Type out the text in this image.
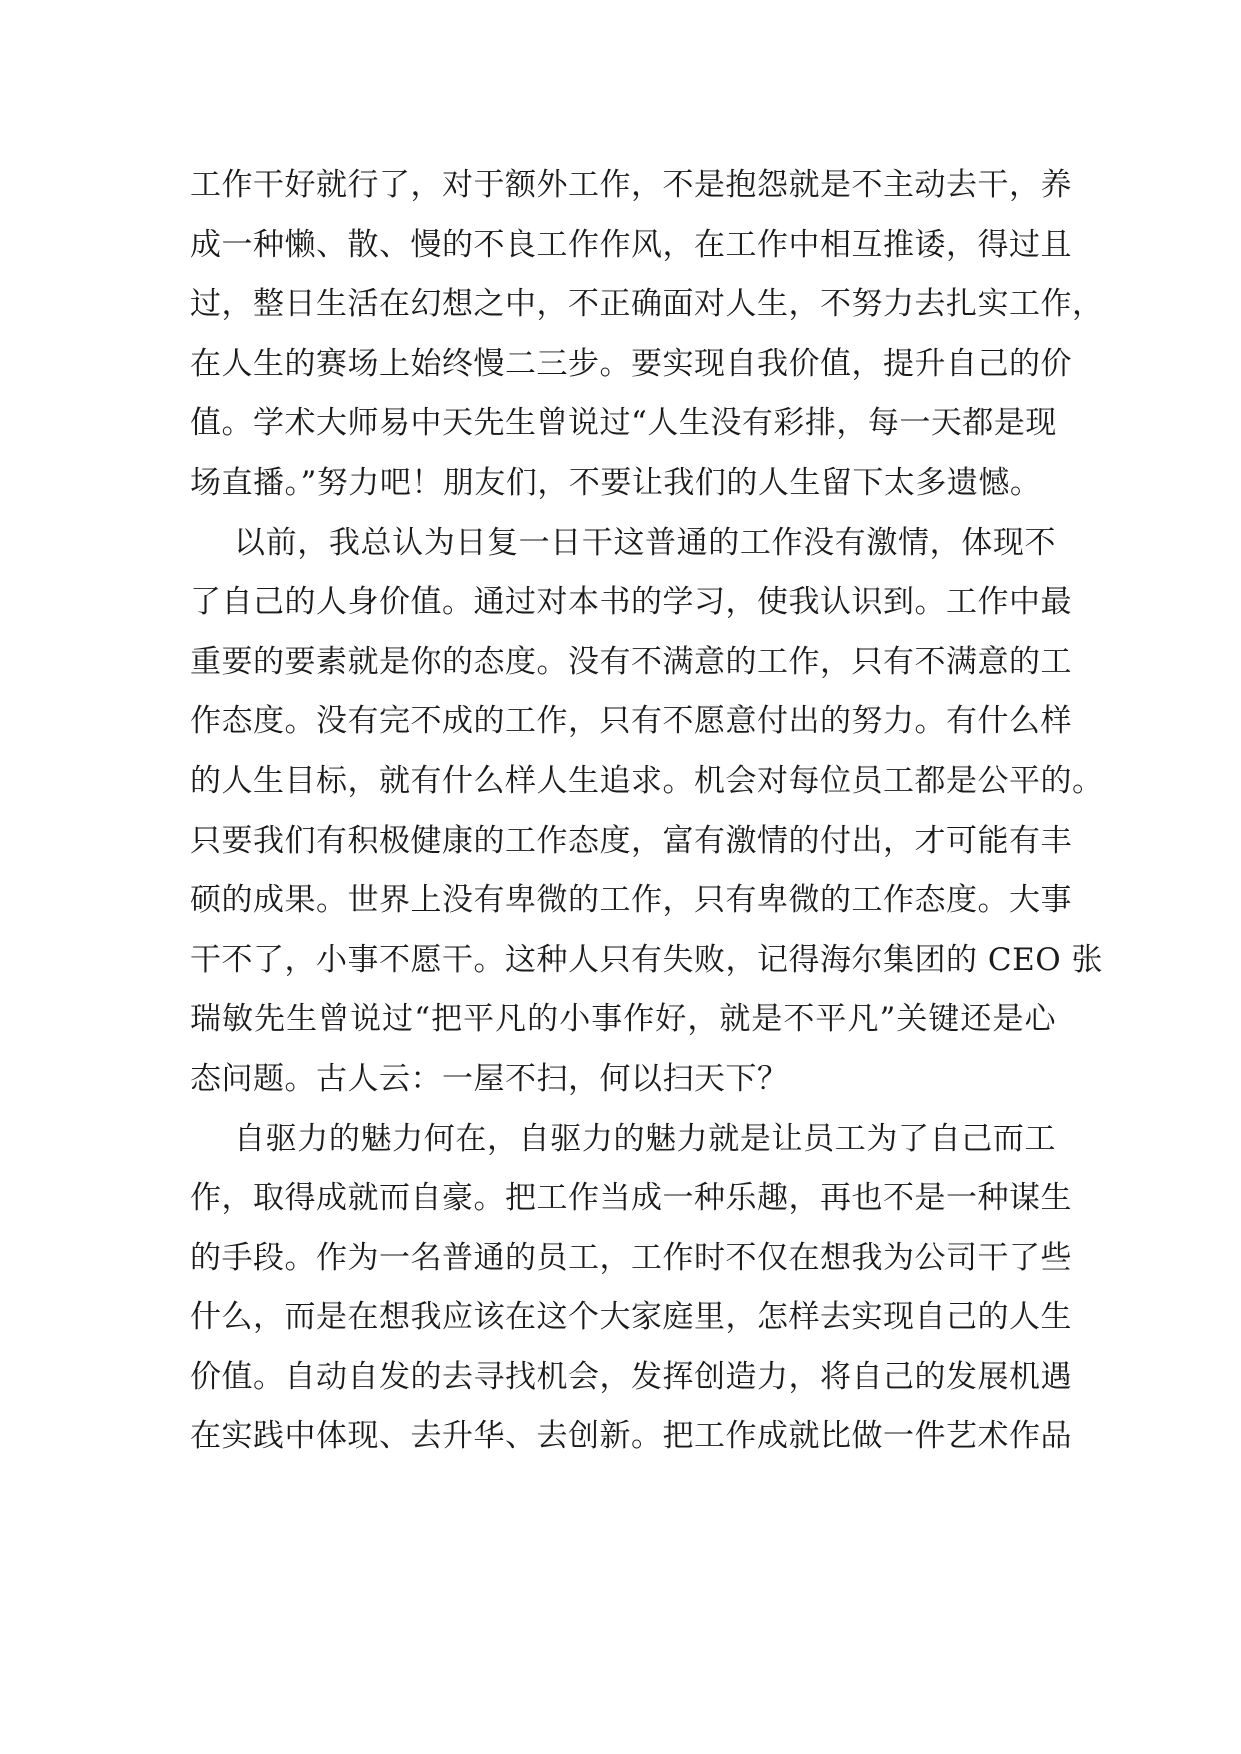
工作干好就行了，对于额外工作，不是抱怨就是不主动去干，养
成一种懒、散、慢的不良工作作风，在工作中相互推诿，得过且
过，整日生活在幻想之中，不正确面对人生，不努力去扎实工作，
在人生的赛场上始终慢二三步。要实现自我价值，提升自己的价
值。学术大师易中天先生曾说过“人生没有彩排，每一天都是现
场直播。”努力吧！朋友们，不要让我们的人生留下太多遗憾。
以前，我总认为日复一日干这普通的工作没有激情，体现不
了自己的人身价值。通过对本书的学习，使我认识到。工作中最
重要的要素就是你的态度。没有不满意的工作，只有不满意的工
作态度。没有完不成的工作，只有不愿意付出的努力。有什么样
的人生目标，就有什么样人生追求。机会对每位员工都是公平的。
只要我们有积极健康的工作态度，富有激情的付出，才可能有丰
硕的成果。世界上没有卑微的工作，只有卑微的工作态度。大事
干不了，小事不愿干。这种人只有失败，记得海尔集团的 CEO 张
瑞敏先生曾说过“把平凡的小事作好，就是不平凡”关键还是心
态问题。古人云：一屋不扫，何以扫天下？
自驱力的魅力何在，自驱力的魅力就是让员工为了自己而工
作，取得成就而自豪。把工作当成一种乐趣，再也不是一种谋生
的手段。作为一名普通的员工，工作时不仅在想我为公司干了些
什么，而是在想我应该在这个大家庭里，怎样去实现自己的人生
价值。自动自发的去寻找机会，发挥创造力，将自己的发展机遇
在实践中体现、去升华、去创新。把工作成就比做一件艺术作品
